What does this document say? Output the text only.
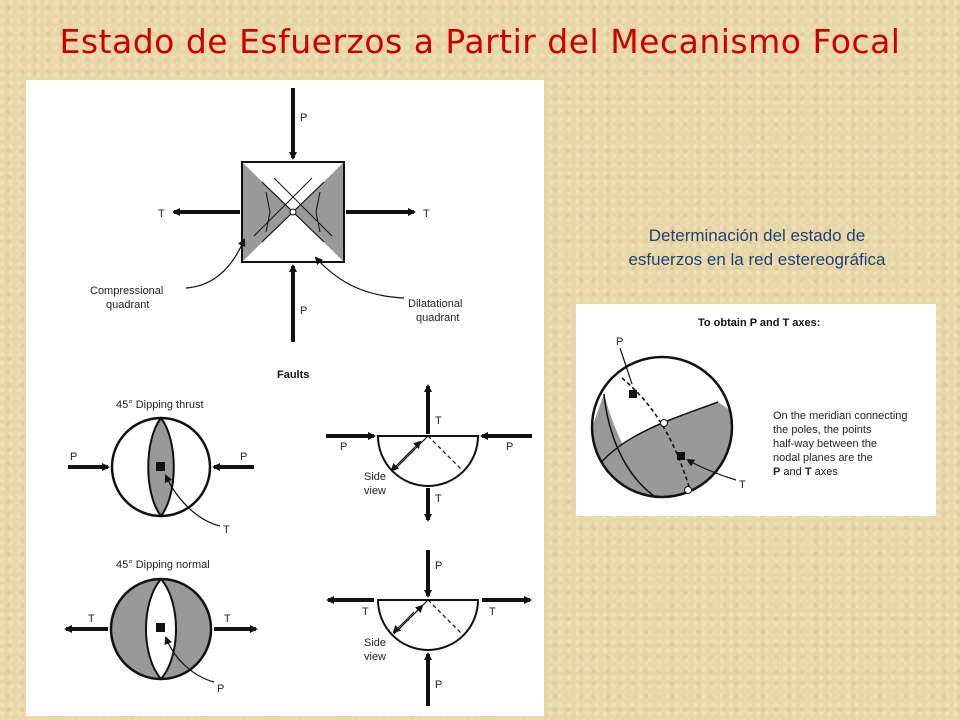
Estado de Esfuerzos a Partir del Mecanismo Focal
P
P
T	T
Compressional
quadrant	Dilatational
quadrant
Faults
45° Dipping thrust
P	P
T
P	P
T
T
Side
view
45° Dipping normal
T	T
P
T	T
P
P
Side
view
Determinación del estado de
esfuerzos en la red estereográfica
To obtain P and T axes:
P
T
On the meridian connecting
the poles, the points
half-way between the
nodal planes are the
P and T axes
